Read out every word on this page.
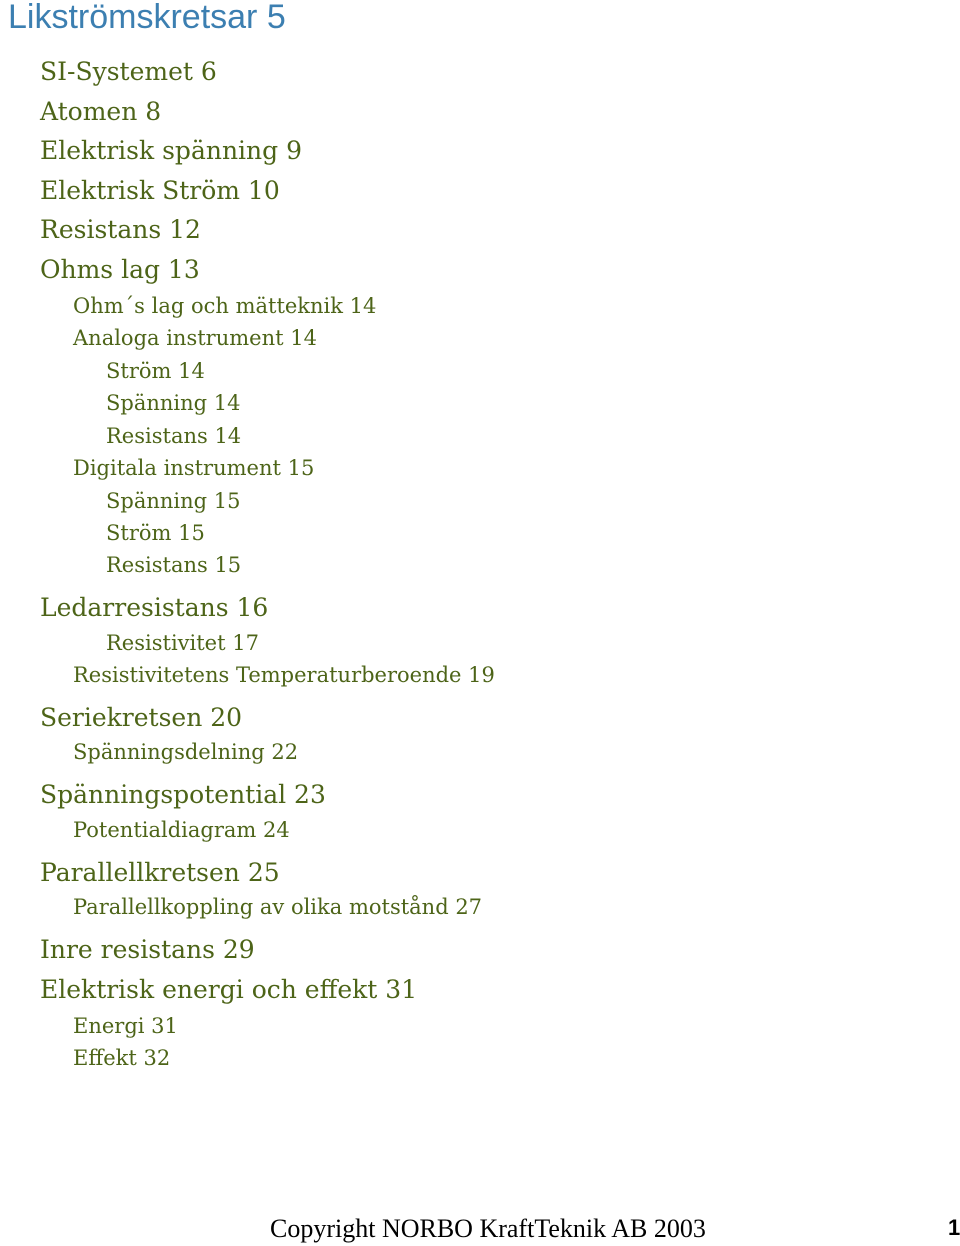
Likströmskretsar 5
SI-Systemet 6
Atomen 8
Elektrisk spänning 9
Elektrisk Ström 10
Resistans 12
Ohms lag 13
Ohm´s lag och mätteknik 14
Analoga instrument 14
Ström 14
Spänning 14
Resistans 14
Digitala instrument 15
Spänning 15
Ström 15
Resistans 15
Ledarresistans 16
Resistivitet 17
Resistivitetens Temperaturberoende 19
Seriekretsen 20
Spänningsdelning 22
Spänningspotential 23
Potentialdiagram 24
Parallellkretsen 25
Parallellkoppling av olika motstånd 27
Inre resistans 29
Elektrisk energi och effekt 31
Energi 31
Effekt 32
Copyright NORBO KraftTeknik AB 2003	1
